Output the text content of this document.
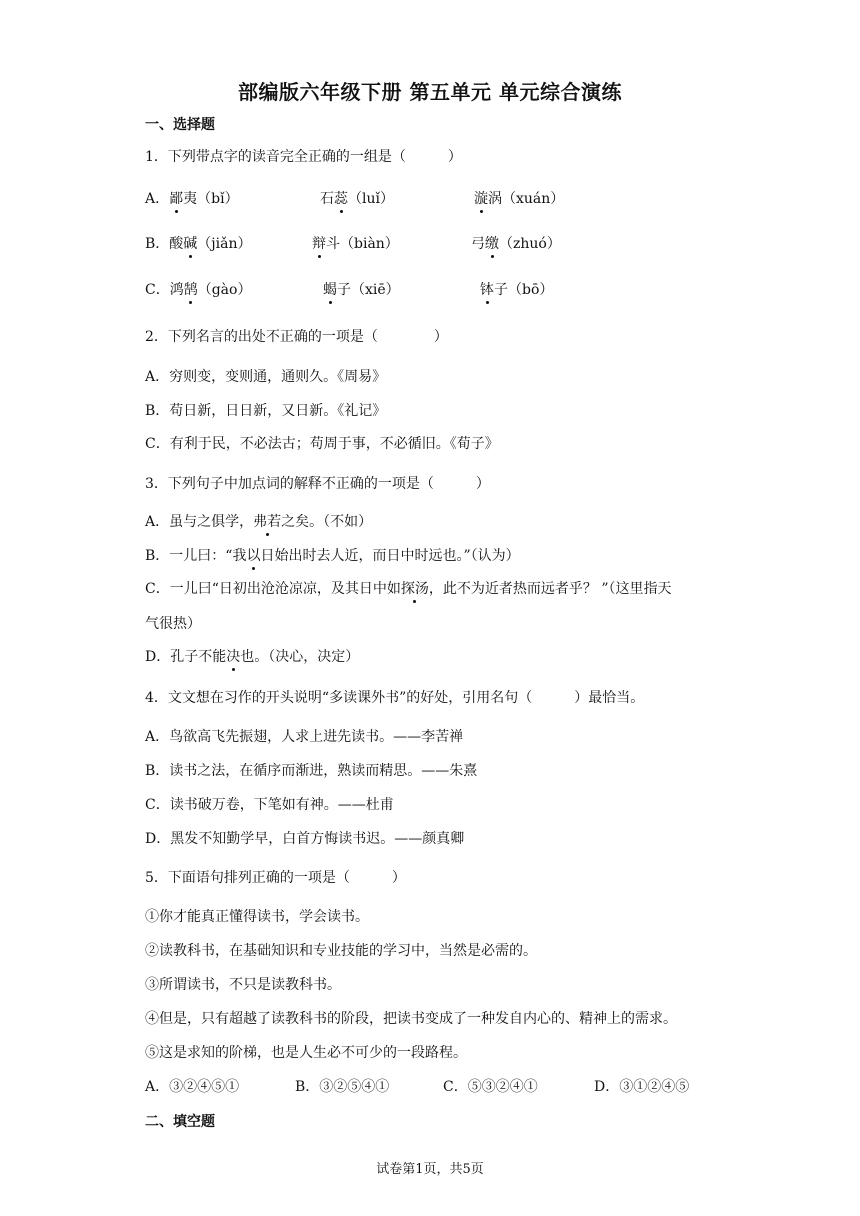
部编版六年级下册 第五单元 单元综合演练
一、选择题
1．下列带点字的读音完全正确的一组是（　　　）
A．鄙夷（bǐ）	石蕊（luǐ）	漩涡（xuán）
B．酸碱（jiǎn）	辩斗（biàn）	弓缴（zhuó）
C．鸿鹄（gào）	蝎子（xiē）	钵子（bō）
2．下列名言的出处不正确的一项是（　　　　）
A．穷则变，变则通，通则久。《周易》
B．苟日新，日日新，又日新。《礼记》
C．有利于民，不必法古；苟周于事，不必循旧。《荀子》
3．下列句子中加点词的解释不正确的一项是（　　　）
A．虽与之俱学，弗若之矣。（不如）
B．一儿曰：“我以日始出时去人近，而日中时远也。”（认为）
C．一儿曰“日初出沧沧凉凉，及其日中如探汤，此不为近者热而远者乎？ ”（这里指天
气很热）
D．孔子不能决也。（决心，决定）
4．文文想在习作的开头说明“多读课外书”的好处，引用名句（　　　）最恰当。
A．鸟欲高飞先振翅，人求上进先读书。——李苦禅
B．读书之法，在循序而渐进，熟读而精思。——朱熹
C．读书破万卷，下笔如有神。——杜甫
D．黑发不知勤学早，白首方悔读书迟。——颜真卿
5．下面语句排列正确的一项是（　　　）
①你才能真正懂得读书，学会读书。
②读教科书，在基础知识和专业技能的学习中，当然是必需的。
③所谓读书，不只是读教科书。
④但是，只有超越了读教科书的阶段，把读书变成了一种发自内心的、精神上的需求。
⑤这是求知的阶梯，也是人生必不可少的一段路程。
A．③②④⑤①	B．③②⑤④①	C．⑤③②④①	D．③①②④⑤
二、填空题
试卷第1页，共5页
